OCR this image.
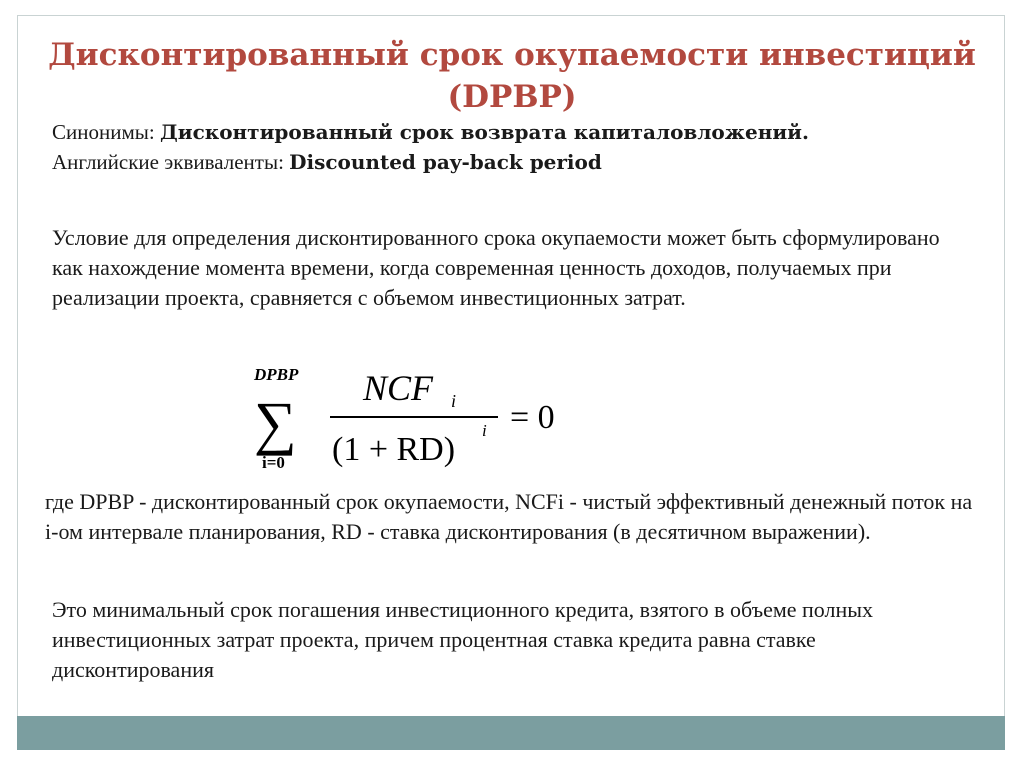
Дисконтированный срок окупаемости инвестиций (DPBP)
Синонимы: Дисконтированный срок возврата капиталовложений.
Английские эквиваленты: Discounted pay-back period
Условие для определения дисконтированного срока окупаемости может быть сформулировано как нахождение момента времени, когда современная ценность доходов, получаемых при реализации проекта, сравняется с объемом инвестиционных затрат.
DPBP
∑
i=0
NCF i
(1 + RD)
i = 0
где DPBP - дисконтированный срок окупаемости, NCFi - чистый эффективный денежный поток на i-ом интервале планирования, RD - ставка дисконтирования (в десятичном выражении).
Это минимальный срок погашения инвестиционного кредита, взятого в объеме полных инвестиционных затрат проекта, причем процентная ставка кредита равна ставке дисконтирования
